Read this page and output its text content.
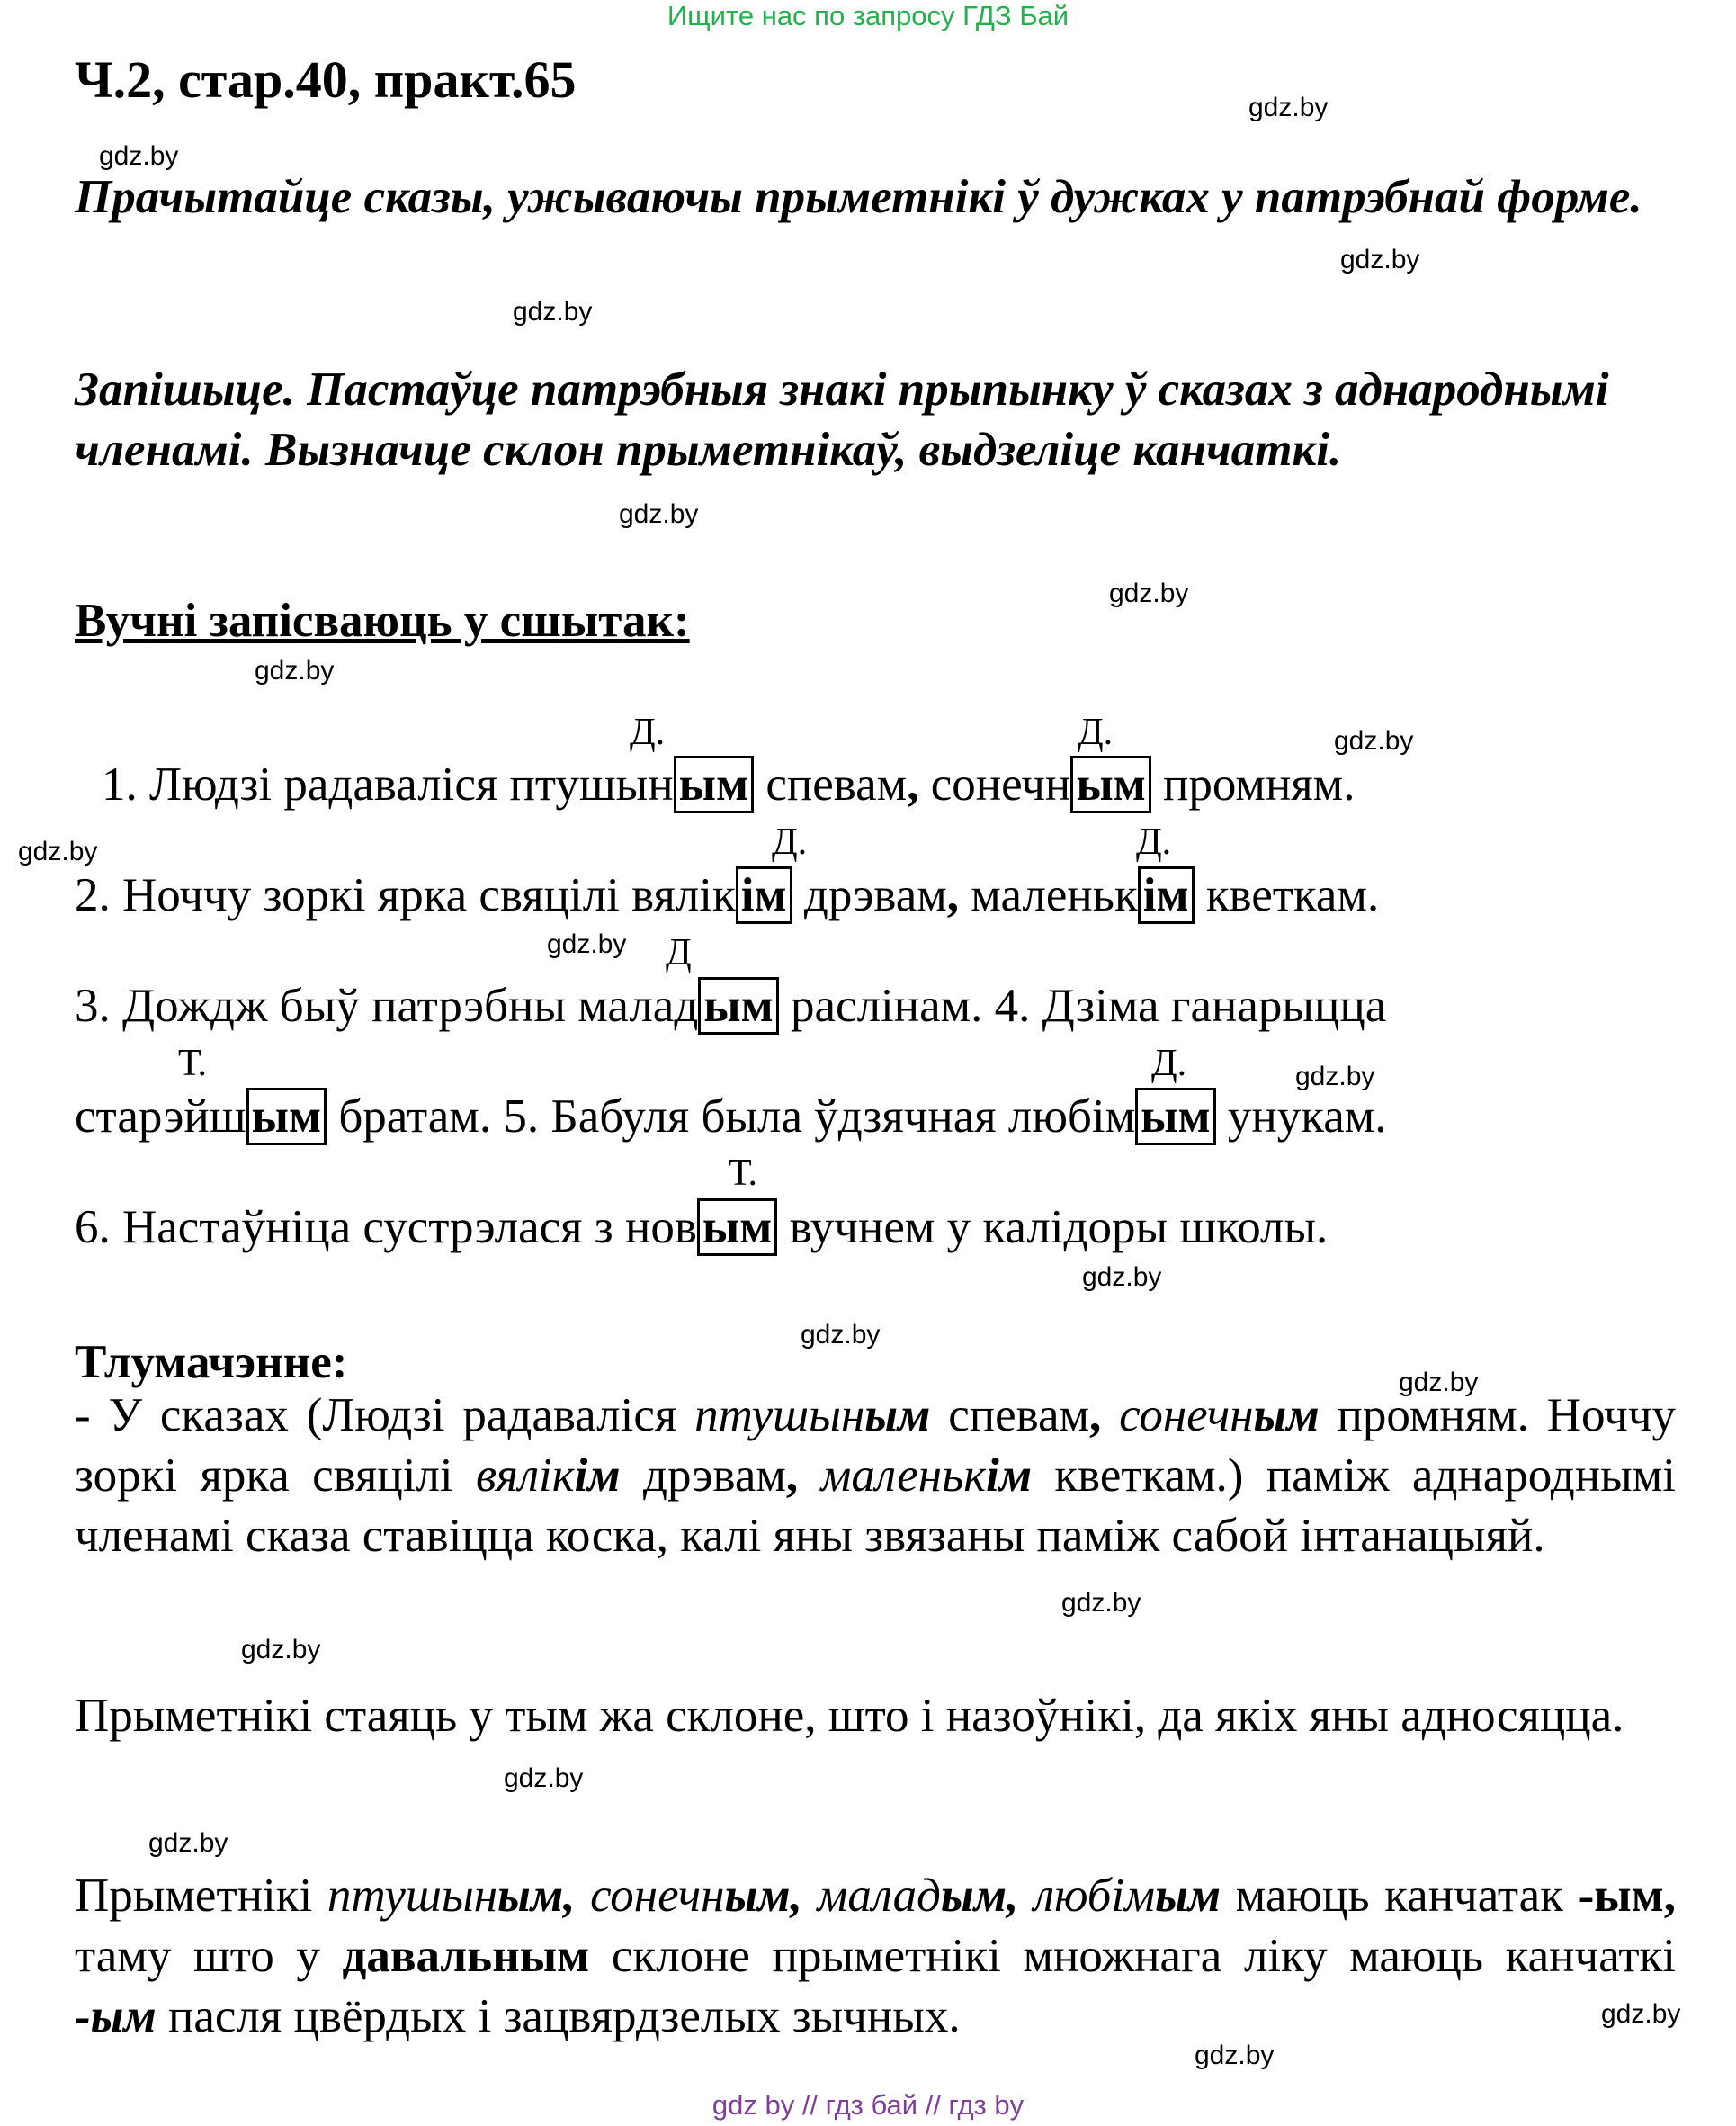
Ищите нас по запросу ГДЗ Бай
Ч.2, стар.40, практ.65
Прачытайце сказы, ужываючы прыметнікі ў дужках у патрэбнай форме.
Запішыце. Пастаўце патрэбныя знакі прыпынку ў сказах з аднароднымі членамі. Вызначце склон прыметнікаў, выдзеліце канчаткі.
Вучні запісваюць у сшытак:
Д.	Д.
Д.	Д.
Д
Т.	Д.
Т.
1. Людзі радаваліся птушын ым спевам, сонечн ым промням.
2. Ноччу зоркі ярка свяцілі вялік ім дрэвам, маленьк ім кветкам.
3. Дождж быў патрэбны малад ым раслінам. 4. Дзіма ганарыцца
старэйш ым братам. 5. Бабуля была ўдзячная любім ым унукам.
6. Настаўніца сустрэлася з нов ым вучнем у калідоры школы.
Тлумачэнне:
- У сказах (Людзі радаваліся птушыным спевам, сонечным промням. Ноччу зоркі ярка свяцілі вялікім дрэвам, маленькім кветкам.) паміж аднароднымі членамі сказа ставіцца коска, калі яны звязаны паміж сабой інтанацыяй.
Прыметнікі стаяць у тым жа склоне, што і назоўнікі, да якіх яны адносяцца.
Прыметнікі птушыным, сонечным, маладым, любімым маюць канчатак -ым, таму што у давальным склоне прыметнікі множнага ліку маюць канчаткі -ым пасля цвёрдых і зацвярдзелых зычных.
gdz.by
gdz.by
gdz.by
gdz.by
gdz.by
gdz.by
gdz.by
gdz.by
gdz.by
gdz.by
gdz.by
gdz.by
gdz.by
gdz.by
gdz.by
gdz.by
gdz.by
gdz.by
gdz.by
gdz.by
gdz by // гдз бай // гдз by
